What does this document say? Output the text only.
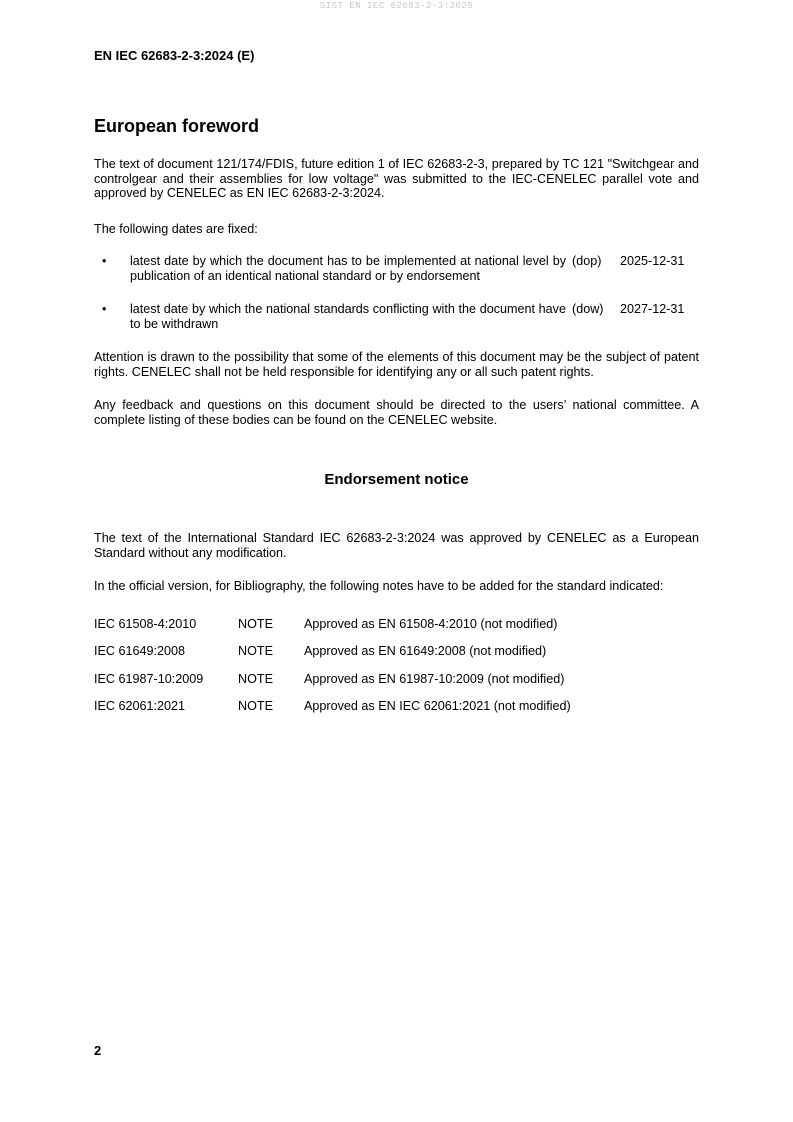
SIST EN IEC 62683-2-3:2025
EN IEC 62683-2-3:2024 (E)
European foreword
The text of document 121/174/FDIS, future edition 1 of IEC 62683-2-3, prepared by TC 121 "Switchgear and controlgear and their assemblies for low voltage" was submitted to the IEC-CENELEC parallel vote and approved by CENELEC as EN IEC 62683-2-3:2024.
The following dates are fixed:
• latest date by which the document has to be implemented at national level by publication of an identical national standard or by endorsement
(dop)	2025-12-31
• latest date by which the national standards conflicting with the document have to be withdrawn
(dow)	2027-12-31
Attention is drawn to the possibility that some of the elements of this document may be the subject of patent rights. CENELEC shall not be held responsible for identifying any or all such patent rights.
Any feedback and questions on this document should be directed to the users’ national committee. A complete listing of these bodies can be found on the CENELEC website.
Endorsement notice
The text of the International Standard IEC 62683-2-3:2024 was approved by CENELEC as a European Standard without any modification.
In the official version, for Bibliography, the following notes have to be added for the standard indicated:
IEC 61508-4:2010	NOTE Approved as EN 61508-4:2010 (not modified)
IEC 61649:2008	NOTE Approved as EN 61649:2008 (not modified)
IEC 61987-10:2009	NOTE Approved as EN 61987-10:2009 (not modified)
IEC 62061:2021	NOTE Approved as EN IEC 62061:2021 (not modified)
2
